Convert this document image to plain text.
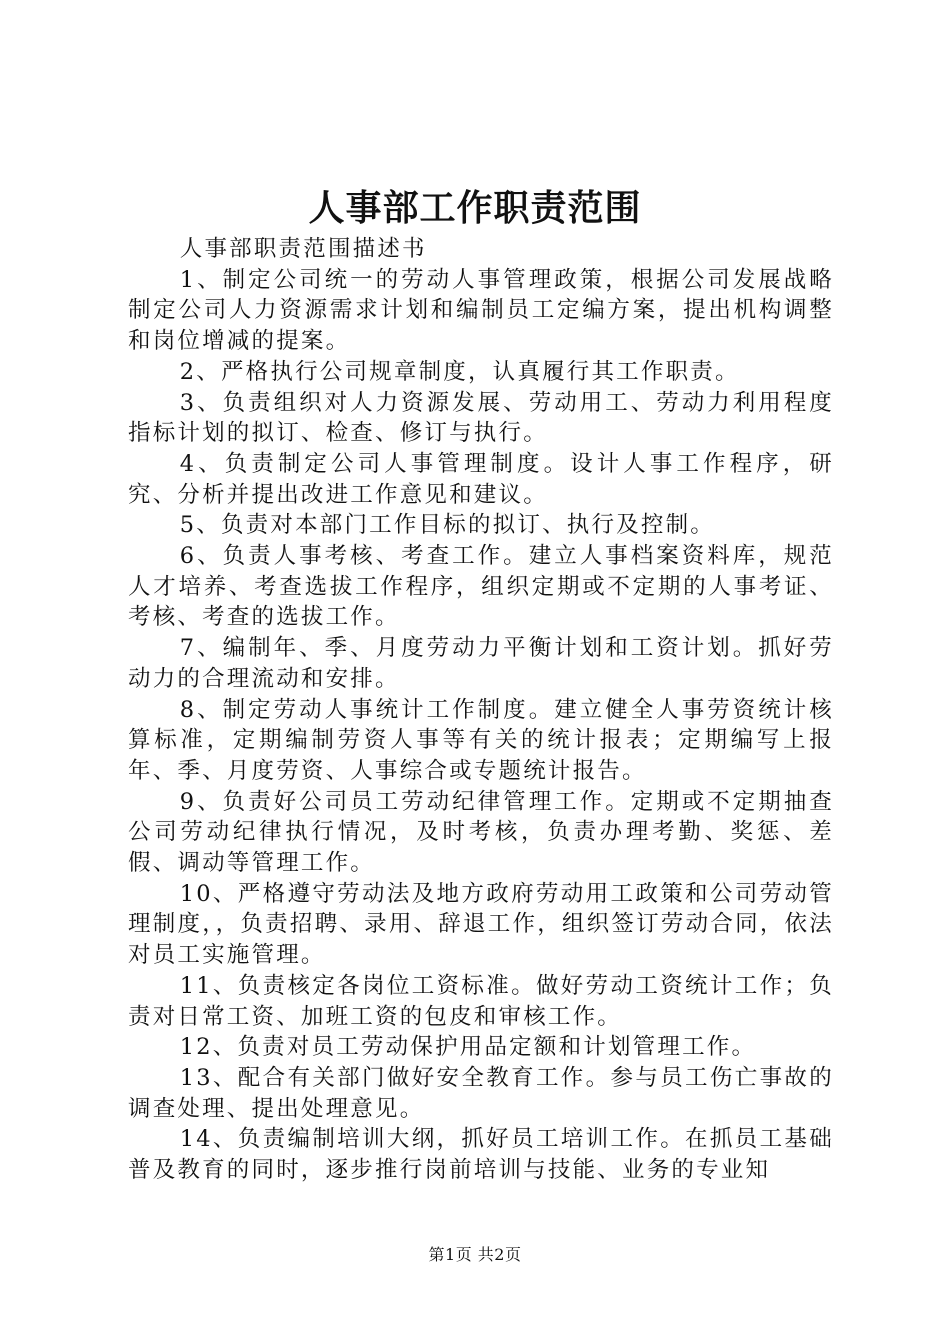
人事部工作职责范围

人事部职责范围描述书

1、制定公司统一的劳动人事管理政策，根据公司发展战略制定公司人力资源需求计划和编制员工定编方案，提出机构调整和岗位增减的提案。

2、严格执行公司规章制度，认真履行其工作职责。

3、负责组织对人力资源发展、劳动用工、劳动力利用程度指标计划的拟订、检查、修订与执行。

4、负责制定公司人事管理制度。设计人事工作程序，研究、分析并提出改进工作意见和建议。

5、负责对本部门工作目标的拟订、执行及控制。

6、负责人事考核、考查工作。建立人事档案资料库，规范人才培养、考查选拔工作程序，组织定期或不定期的人事考证、考核、考查的选拔工作。

7、编制年、季、月度劳动力平衡计划和工资计划。抓好劳动力的合理流动和安排。

8、制定劳动人事统计工作制度。建立健全人事劳资统计核算标准，定期编制劳资人事等有关的统计报表；定期编写上报年、季、月度劳资、人事综合或专题统计报告。

9、负责好公司员工劳动纪律管理工作。定期或不定期抽查公司劳动纪律执行情况，及时考核，负责办理考勤、奖惩、差假、调动等管理工作。

10、严格遵守劳动法及地方政府劳动用工政策和公司劳动管理制度，，负责招聘、录用、辞退工作，组织签订劳动合同，依法对员工实施管理。

11、负责核定各岗位工资标准。做好劳动工资统计工作；负责对日常工资、加班工资的包皮和审核工作。

12、负责对员工劳动保护用品定额和计划管理工作。

13、配合有关部门做好安全教育工作。参与员工伤亡事故的调查处理、提出处理意见。

14、负责编制培训大纲，抓好员工培训工作。在抓员工基础普及教育的同时，逐步推行岗前培训与技能、业务的专业知

第1页 共2页
